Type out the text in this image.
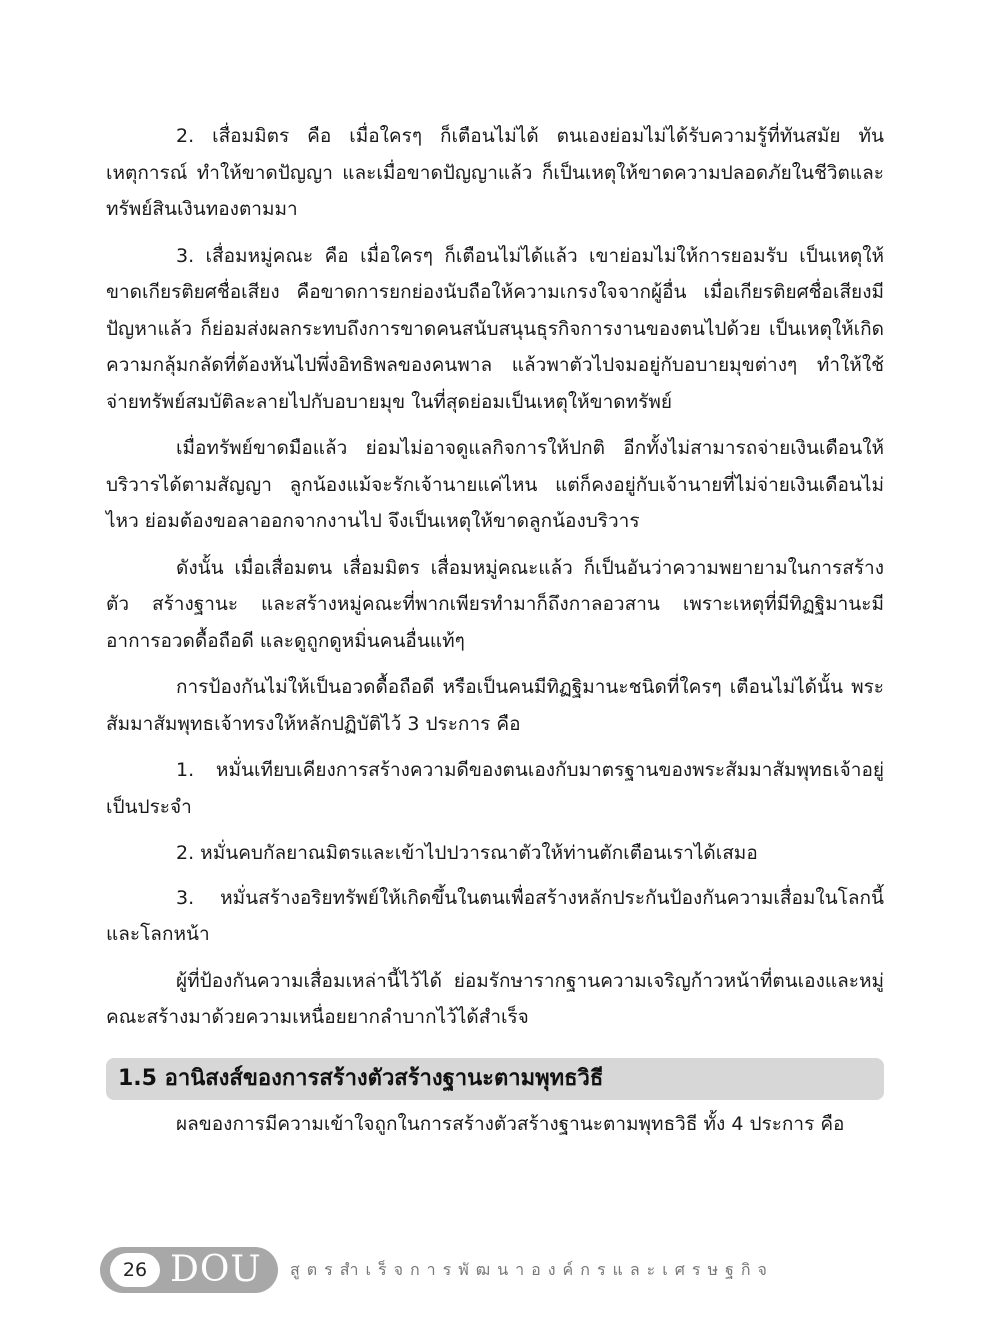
2. เสื่อมมิตร คือ เมื่อใครๆ ก็เตือนไม่ได้ ตนเองย่อมไม่ได้รับความรู้ที่ทันสมัย ทันเหตุการณ์ ทำให้ขาดปัญญา และเมื่อขาดปัญญาแล้ว ก็เป็นเหตุให้ขาดความปลอดภัยในชีวิตและทรัพย์สินเงินทองตามมา

3. เสื่อมหมู่คณะ คือ เมื่อใครๆ ก็เตือนไม่ได้แล้ว เขาย่อมไม่ให้การยอมรับ เป็นเหตุให้ขาดเกียรติยศชื่อเสียง คือขาดการยกย่องนับถือให้ความเกรงใจจากผู้อื่น เมื่อเกียรติยศชื่อเสียงมีปัญหาแล้ว ก็ย่อมส่งผลกระทบถึงการขาดคนสนับสนุนธุรกิจการงานของตนไปด้วย เป็นเหตุให้เกิดความกลุ้มกลัดที่ต้องหันไปพึ่งอิทธิพลของคนพาล แล้วพาตัวไปจมอยู่กับอบายมุขต่างๆ ทำให้ใช้จ่ายทรัพย์สมบัติละลายไปกับอบายมุข ในที่สุดย่อมเป็นเหตุให้ขาดทรัพย์

เมื่อทรัพย์ขาดมือแล้ว ย่อมไม่อาจดูแลกิจการให้ปกติ อีกทั้งไม่สามารถจ่ายเงินเดือนให้บริวารได้ตามสัญญา ลูกน้องแม้จะรักเจ้านายแค่ไหน แต่ก็คงอยู่กับเจ้านายที่ไม่จ่ายเงินเดือนไม่ไหว ย่อมต้องขอลาออกจากงานไป จึงเป็นเหตุให้ขาดลูกน้องบริวาร

ดังนั้น เมื่อเสื่อมตน เสื่อมมิตร เสื่อมหมู่คณะแล้ว ก็เป็นอันว่าความพยายามในการสร้างตัว สร้างฐานะ และสร้างหมู่คณะที่พากเพียรทำมาก็ถึงกาลอวสาน เพราะเหตุที่มีทิฏฐิมานะมีอาการอวดดื้อถือดี และดูถูกดูหมิ่นคนอื่นแท้ๆ

การป้องกันไม่ให้เป็นอวดดื้อถือดี หรือเป็นคนมีทิฏฐิมานะชนิดที่ใครๆ เตือนไม่ได้นั้น พระสัมมาสัมพุทธเจ้าทรงให้หลักปฏิบัติไว้ 3 ประการ คือ

1. หมั่นเทียบเคียงการสร้างความดีของตนเองกับมาตรฐานของพระสัมมาสัมพุทธเจ้าอยู่เป็นประจำ

2. หมั่นคบกัลยาณมิตรและเข้าไปปวารณาตัวให้ท่านตักเตือนเราได้เสมอ

3. หมั่นสร้างอริยทรัพย์ให้เกิดขึ้นในตนเพื่อสร้างหลักประกันป้องกันความเสื่อมในโลกนี้และโลกหน้า

ผู้ที่ป้องกันความเสื่อมเหล่านี้ไว้ได้ ย่อมรักษารากฐานความเจริญก้าวหน้าที่ตนเองและหมู่คณะสร้างมาด้วยความเหนื่อยยากลำบากไว้ได้สำเร็จ

1.5 อานิสงส์ของการสร้างตัวสร้างฐานะตามพุทธวิธี

ผลของการมีความเข้าใจถูกในการสร้างตัวสร้างฐานะตามพุทธวิธี ทั้ง 4 ประการ คือ

26 DOU สูตรสำเร็จการพัฒนาองค์กรและเศรษฐกิจ
